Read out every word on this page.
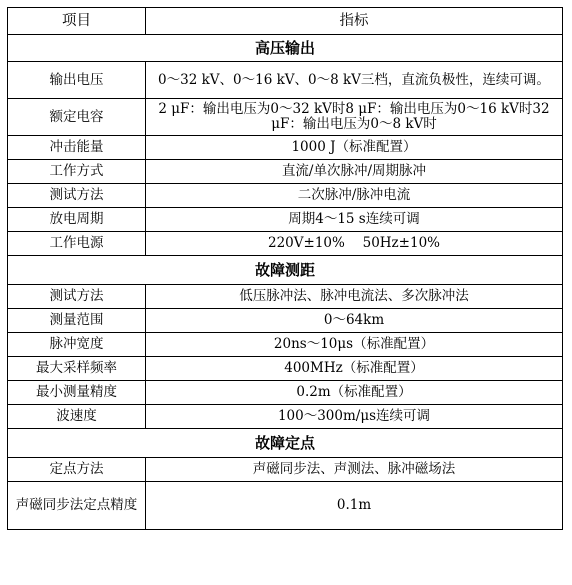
项目	指标
高压输出	
输出电压	0～32 kV、0～16 kV、0～8 kV三档，直流负极性，连续可调。
额定电容	2 μF：输出电压为0～32 kV时8 μF：输出电压为0～16 kV时32 μF：输出电压为0～8 kV时
冲击能量	1000 J（标准配置）
工作方式	直流/单次脉冲/周期脉冲
测试方法	二次脉冲/脉冲电流
放电周期	周期4～15 s连续可调
工作电源	220V±10%　 50Hz±10%
故障测距	
测试方法	低压脉冲法、脉冲电流法、多次脉冲法
测量范围	0～64km
脉冲宽度	20ns～10μs（标准配置）
最大采样频率	400MHz（标准配置）
最小测量精度	0.2m（标准配置）
波速度	100～300m/μs连续可调
故障定点	
定点方法	声磁同步法、声测法、脉冲磁场法
声磁同步法定点精度	0.1m
